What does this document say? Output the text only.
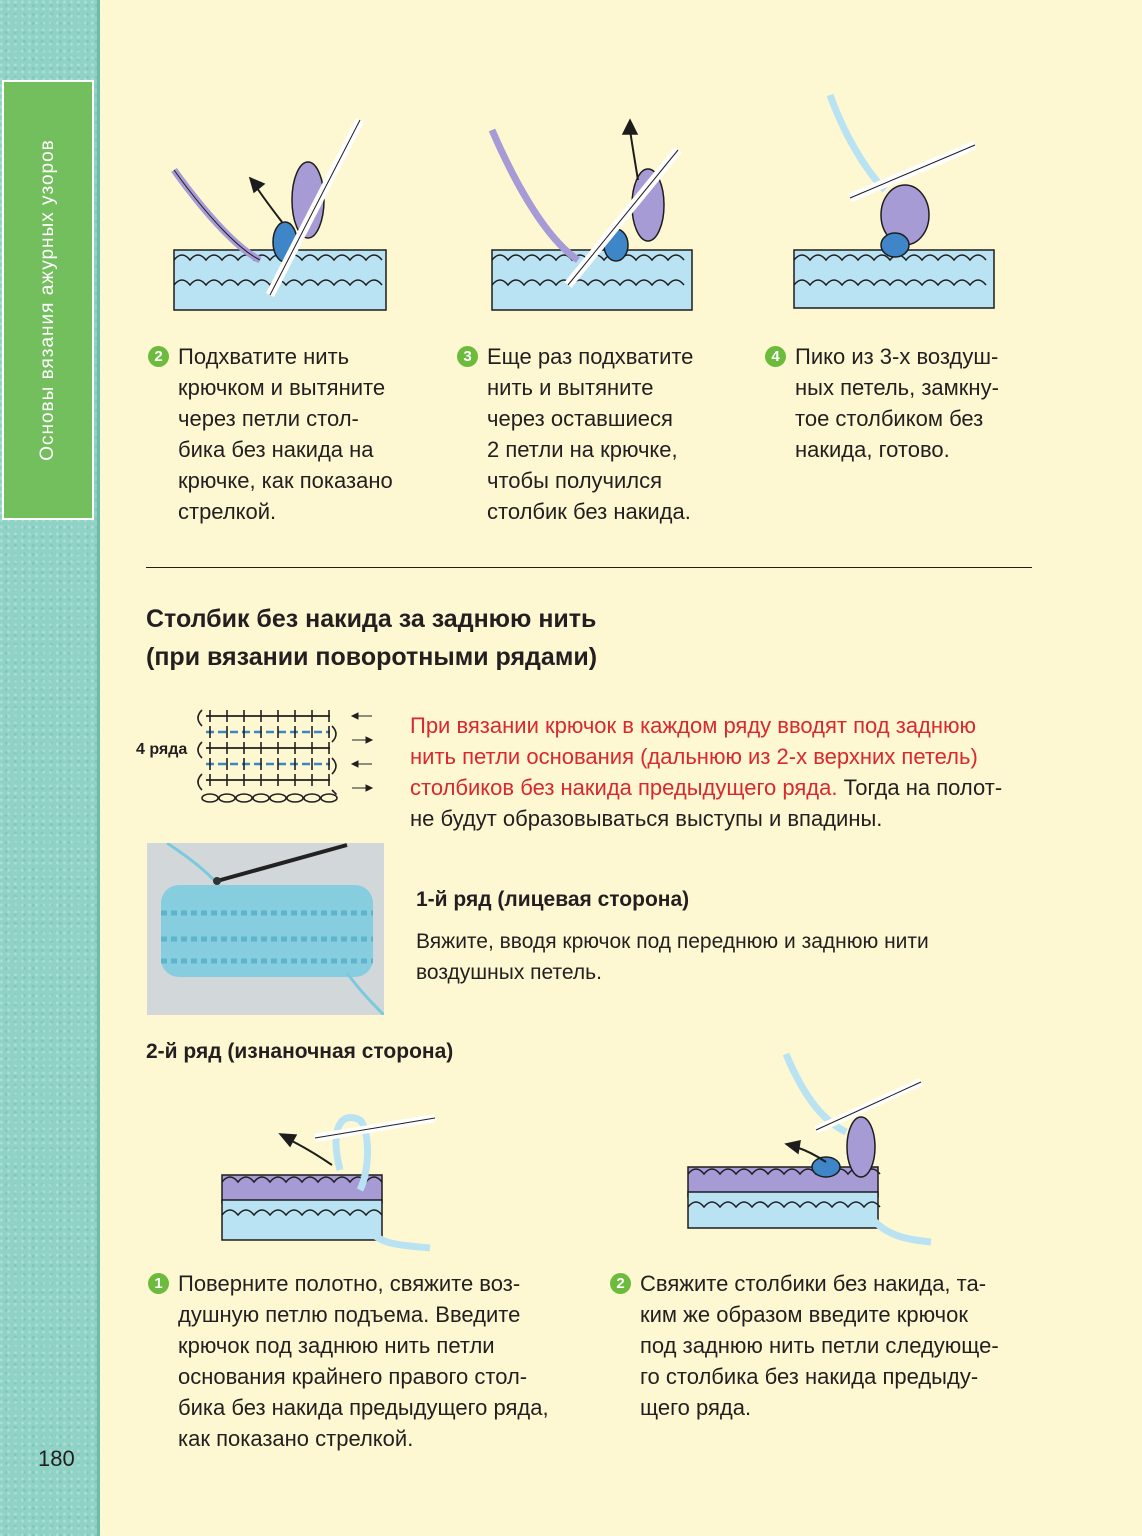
Основы вязания ажурных узоров
180
2 Подхватите нить
крючком и вытяните
через петли стол-
бика без накида на
крючке, как показано
стрелкой.
3 Еще раз подхватите
нить и вытяните
через оставшиеся
2 петли на крючке,
чтобы получился
столбик без накида.
4 Пико из 3-х воздуш-
ных петель, замкну-
тое столбиком без
накида, готово.
Столбик без накида за заднюю нить
(при вязании поворотными рядами)
4 ряда
При вязании крючок в каждом ряду вводят под заднюю
нить петли основания (дальнюю из 2-х верхних петель)
столбиков без накида предыдущего ряда. Тогда на полот-
не будут образовываться выступы и впадины.
1-й ряд (лицевая сторона)
Вяжите, вводя крючок под переднюю и заднюю нити
воздушных петель.
2-й ряд (изнаночная сторона)
1 Поверните полотно, свяжите воз-
душную петлю подъема. Введите
крючок под заднюю нить петли
основания крайнего правого стол-
бика без накида предыдущего ряда,
как показано стрелкой.
2 Свяжите столбики без накида, та-
ким же образом введите крючок
под заднюю нить петли следующе-
го столбика без накида предыду-
щего ряда.
